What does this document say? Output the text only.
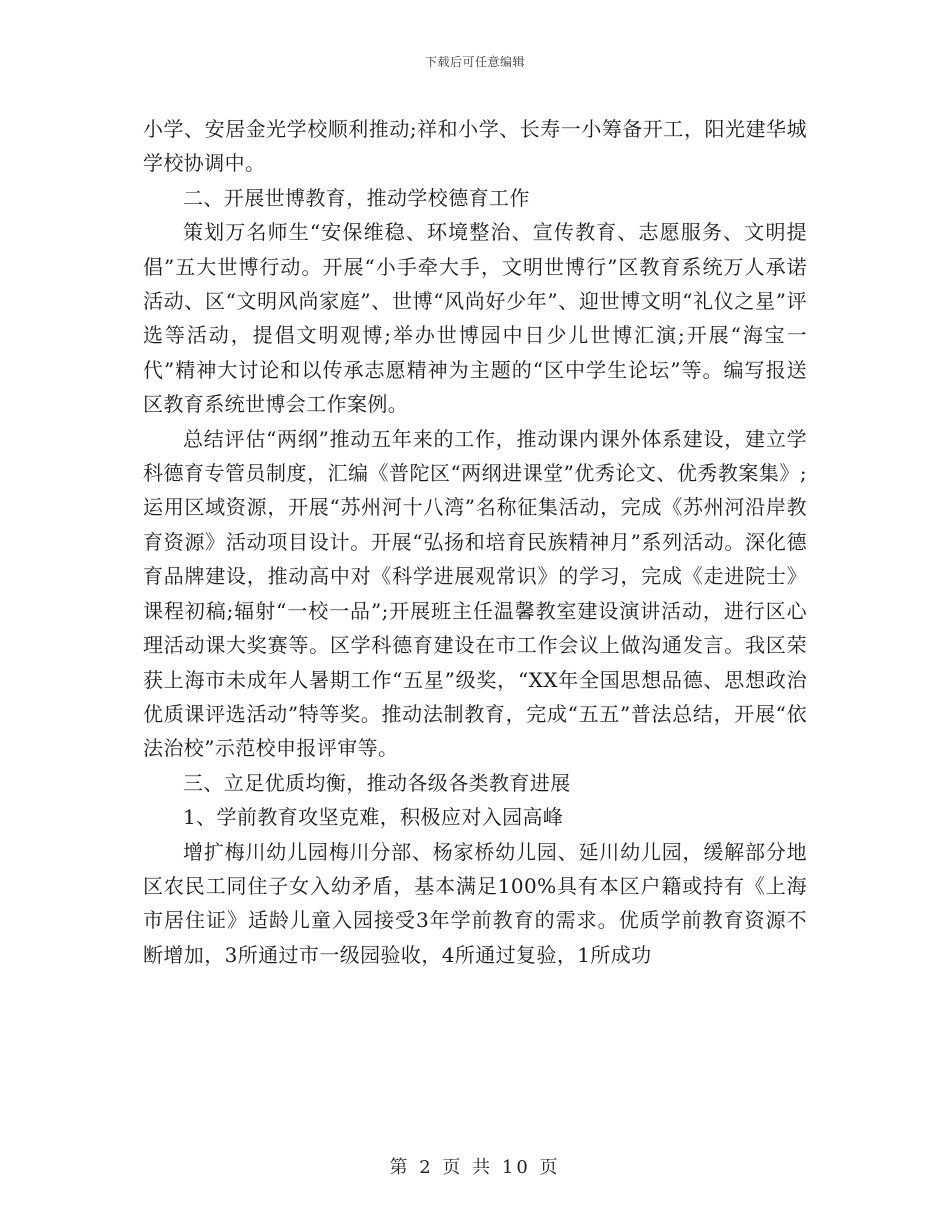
下载后可任意编辑

小学、安居金光学校顺利推动;祥和小学、长寿一小筹备开工，阳光建华城学校协调中。

二、开展世博教育，推动学校德育工作

策划万名师生“安保维稳、环境整治、宣传教育、志愿服务、文明提倡”五大世博行动。开展“小手牵大手，文明世博行”区教育系统万人承诺活动、区“文明风尚家庭”、世博“风尚好少年”、迎世博文明“礼仪之星”评选等活动，提倡文明观博;举办世博园中日少儿世博汇演;开展“海宝一代”精神大讨论和以传承志愿精神为主题的“区中学生论坛”等。编写报送区教育系统世博会工作案例。

总结评估“两纲”推动五年来的工作，推动课内课外体系建设，建立学科德育专管员制度，汇编《普陀区“两纲进课堂”优秀论文、优秀教案集》;运用区域资源，开展“苏州河十八湾”名称征集活动，完成《苏州河沿岸教育资源》活动项目设计。开展“弘扬和培育民族精神月”系列活动。深化德育品牌建设，推动高中对《科学进展观常识》的学习，完成《走进院士》课程初稿;辐射“一校一品”;开展班主任温馨教室建设演讲活动，进行区心理活动课大奖赛等。区学科德育建设在市工作会议上做沟通发言。我区荣获上海市未成年人暑期工作“五星”级奖，“XX年全国思想品德、思想政治优质课评选活动”特等奖。推动法制教育，完成“五五”普法总结，开展“依法治校”示范校申报评审等。

三、立足优质均衡，推动各级各类教育进展

1、学前教育攻坚克难，积极应对入园高峰

增扩梅川幼儿园梅川分部、杨家桥幼儿园、延川幼儿园，缓解部分地区农民工同住子女入幼矛盾，基本满足100%具有本区户籍或持有《上海市居住证》适龄儿童入园接受3年学前教育的需求。优质学前教育资源不断增加，3所通过市一级园验收，4所通过复验，1所成功

第 2 页 共 10 页
